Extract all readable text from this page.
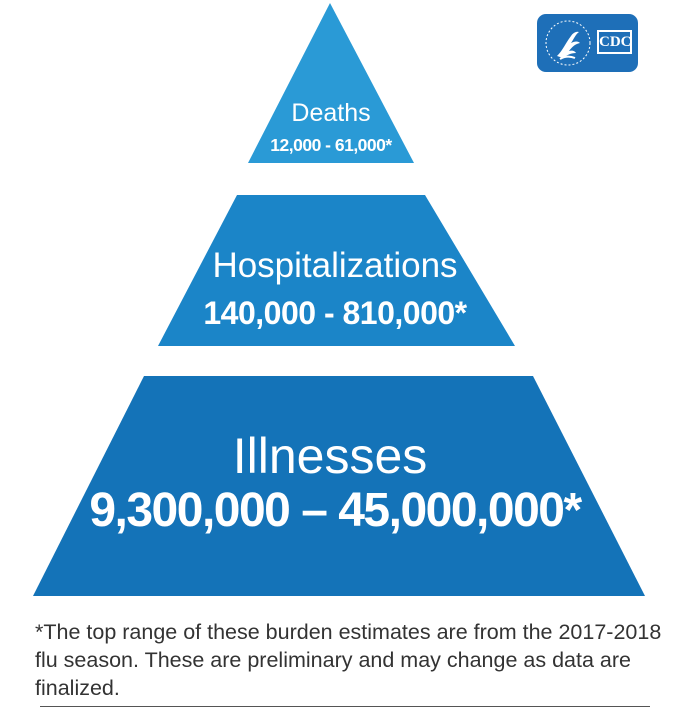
Deaths
12,000 - 61,000*
Hospitalizations
140,000 - 810,000*
Illnesses
9,300,000 – 45,000,000*
CDC
*The top range of these burden estimates are from the 2017-2018 flu season. These are preliminary and may change as data are finalized.
